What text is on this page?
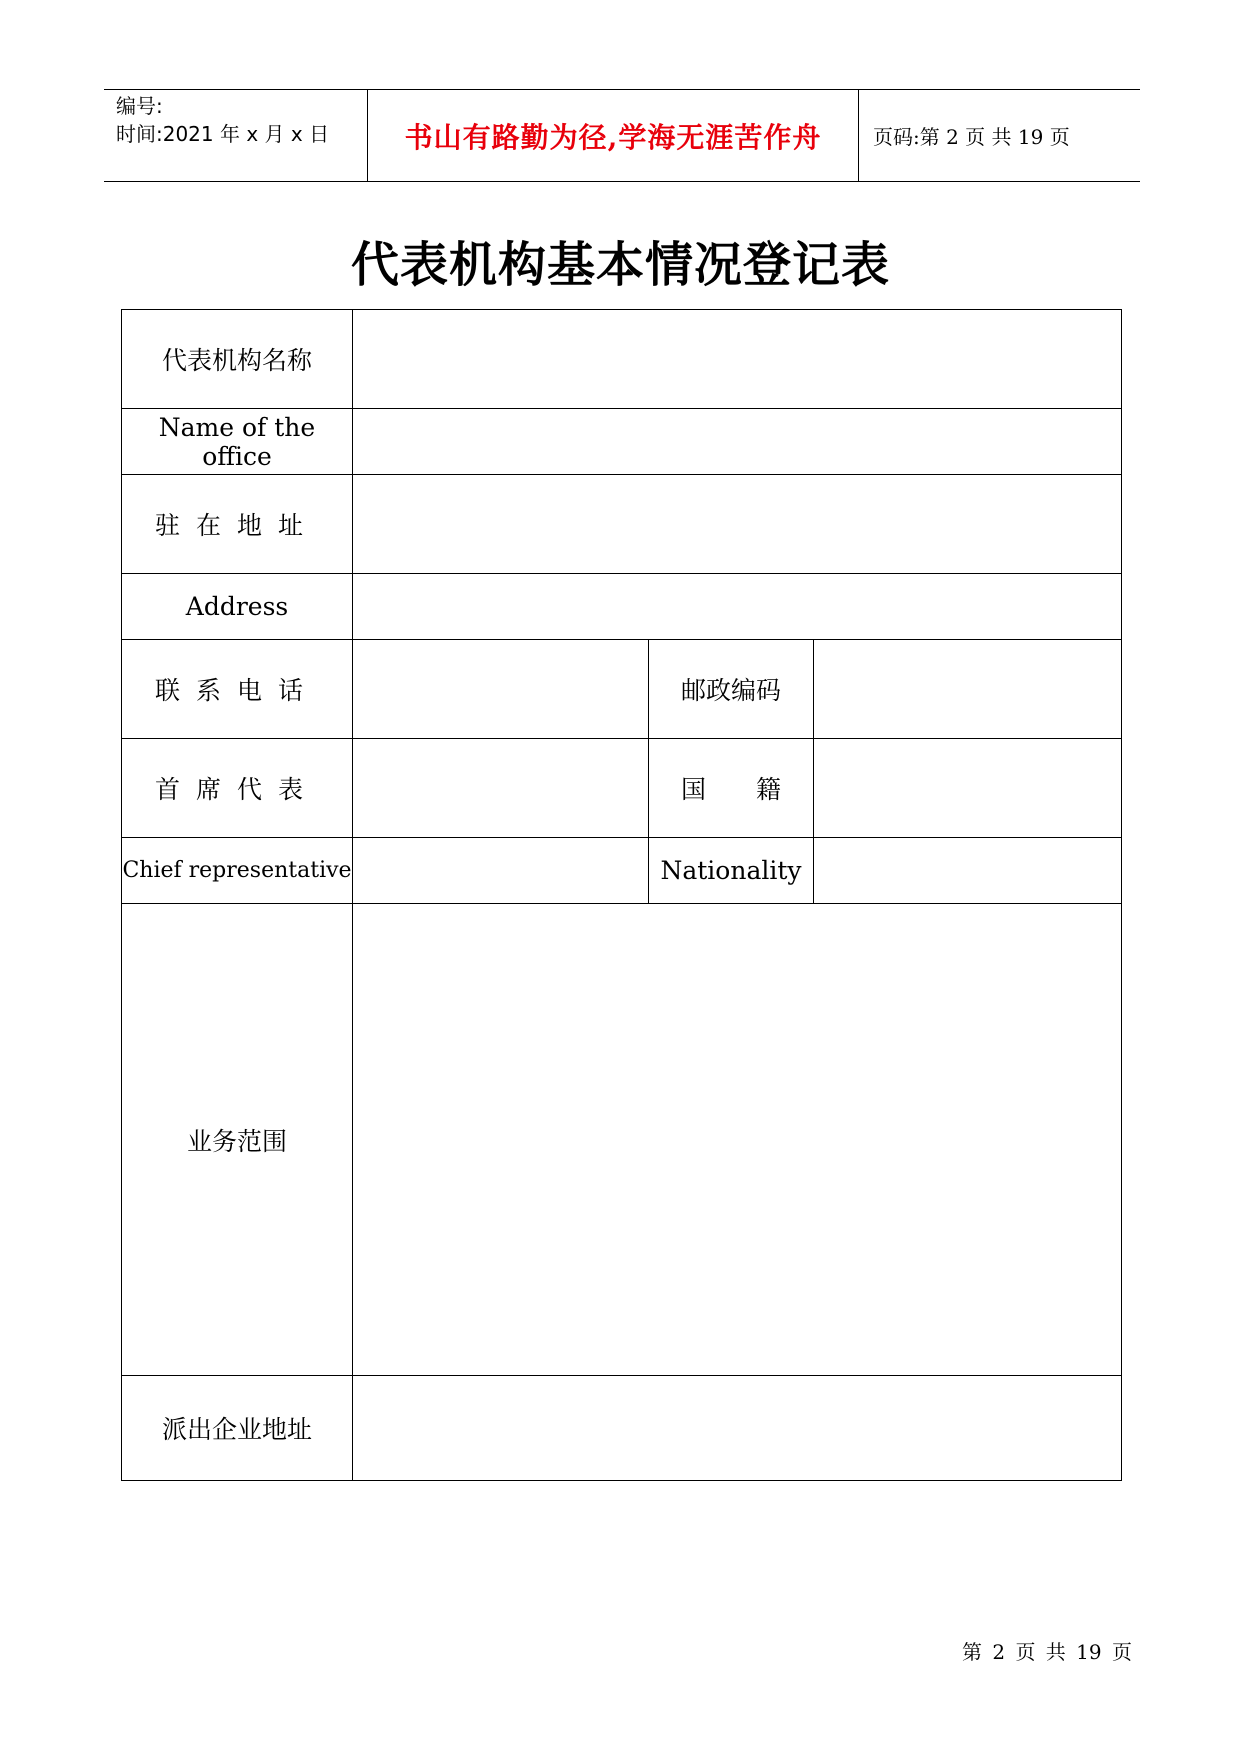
编号:
时间:2021 年 x 月 x 日	书山有路勤为径,学海无涯苦作舟	页码:第 2 页 共 19 页
代表机构基本情况登记表
代表机构名称			
Name of the office			
驻在地址			
Address			
联系电话		邮政编码	
首席代表		国　　籍	
Chief representative		Nationality	
业务范围			
派出企业地址			
第 2 页 共 19 页
